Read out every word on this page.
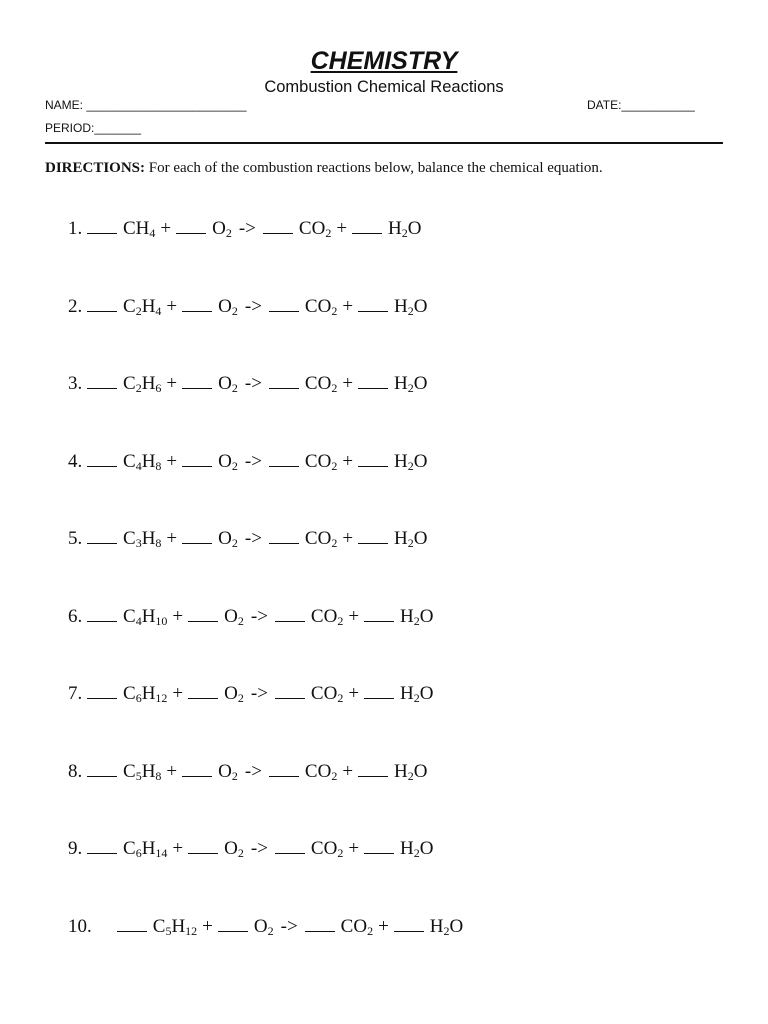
CHEMISTRY
Combustion Chemical Reactions
NAME: ________________________	DATE:___________
PERIOD:_______
DIRECTIONS: For each of the combustion reactions below, balance the chemical equation.
1. $CH_4 + O_2 -> CO_2 + H_2O$
2. $C_2H_4 + O_2 -> CO_2 + H_2O$
3. $C_2H_6 + O_2 -> CO_2 + H_2O$
4. $C_4H_8 + O_2 -> CO_2 + H_2O$
5. $C_3H_8 + O_2 -> CO_2 + H_2O$
6. $C_4H_{10} + O_2 -> CO_2 + H_2O$
7. $C_6H_{12} + O_2 -> CO_2 + H_2O$
8. $C_5H_8 + O_2 -> CO_2 + H_2O$
9. $C_6H_{14} + O_2 -> CO_2 + H_2O$
10.	$C_5H_{12} + O_2 -> CO_2 + H_2O$
